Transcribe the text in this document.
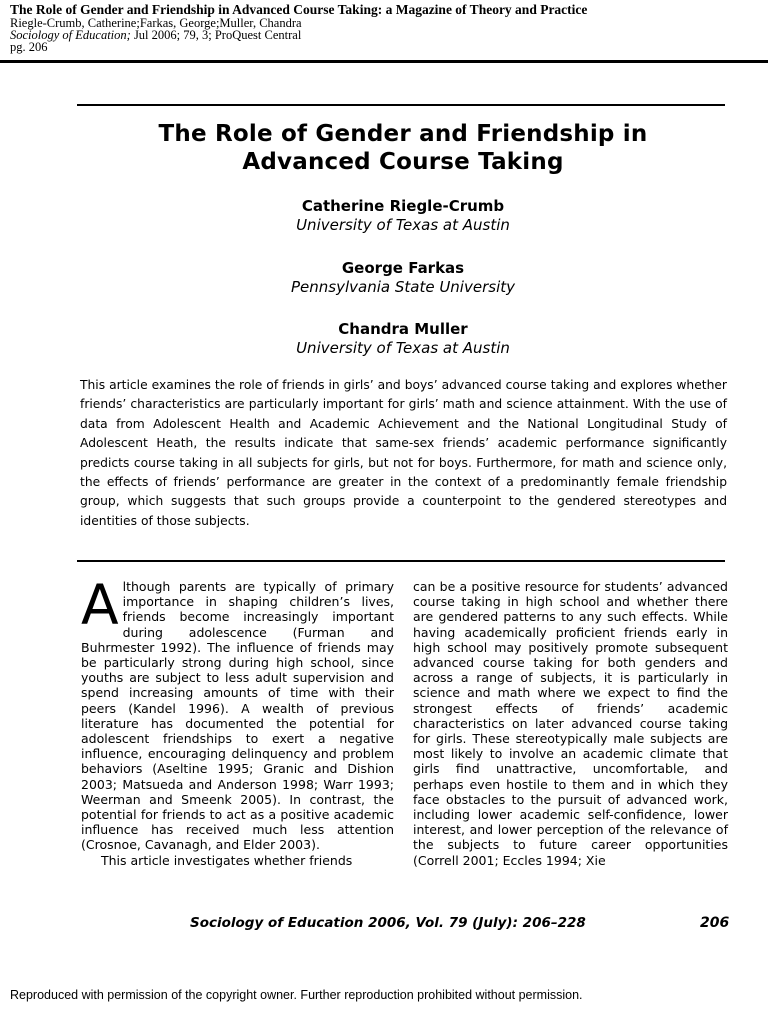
The Role of Gender and Friendship in Advanced Course Taking: a Magazine of Theory and Practice
Riegle-Crumb, Catherine;Farkas, George;Muller, Chandra
Sociology of Education; Jul 2006; 79, 3; ProQuest Central
pg. 206
The Role of Gender and Friendship in
Advanced Course Taking
Catherine Riegle-Crumb
University of Texas at Austin
George Farkas
Pennsylvania State University
Chandra Muller
University of Texas at Austin
This article examines the role of friends in girls’ and boys’ advanced course taking and explores whether friends’ characteristics are particularly important for girls’ math and science attainment. With the use of data from Adolescent Health and Academic Achievement and the National Longitudinal Study of Adolescent Heath, the results indicate that same-sex friends’ academic performance significantly predicts course taking in all subjects for girls, but not for boys. Furthermore, for math and science only, the effects of friends’ performance are greater in the context of a predominantly female friendship group, which suggests that such groups provide a counterpoint to the gendered stereotypes and identities of those subjects.

Although parents are typically of primary importance in shaping children’s lives, friends become increasingly important during adolescence (Furman and Buhrmester 1992). The influence of friends may be particularly strong during high school, since youths are subject to less adult supervision and spend increasing amounts of time with their peers (Kandel 1996). A wealth of previous literature has documented the potential for adolescent friendships to exert a negative influence, encouraging delinquency and problem behaviors (Aseltine 1995; Granic and Dishion 2003; Matsueda and Anderson 1998; Warr 1993; Weerman and Smeenk 2005). In contrast, the potential for friends to act as a positive academic influence has received much less attention (Crosnoe, Cavanagh, and Elder 2003).

This article investigates whether friends

can be a positive resource for students’ advanced course taking in high school and whether there are gendered patterns to any such effects. While having academically proficient friends early in high school may positively promote subsequent advanced course taking for both genders and across a range of subjects, it is particularly in science and math where we expect to find the strongest effects of friends’ academic characteristics on later advanced course taking for girls. These stereotypically male subjects are most likely to involve an academic climate that girls find unattractive, uncomfortable, and perhaps even hostile to them and in which they face obstacles to the pursuit of advanced work, including lower academic self-confidence, lower interest, and lower perception of the relevance of the subjects to future career opportunities (Correll 2001; Eccles 1994; Xie

Sociology of Education 2006, Vol. 79 (July): 206–228	206
Reproduced with permission of the copyright owner. Further reproduction prohibited without permission.
